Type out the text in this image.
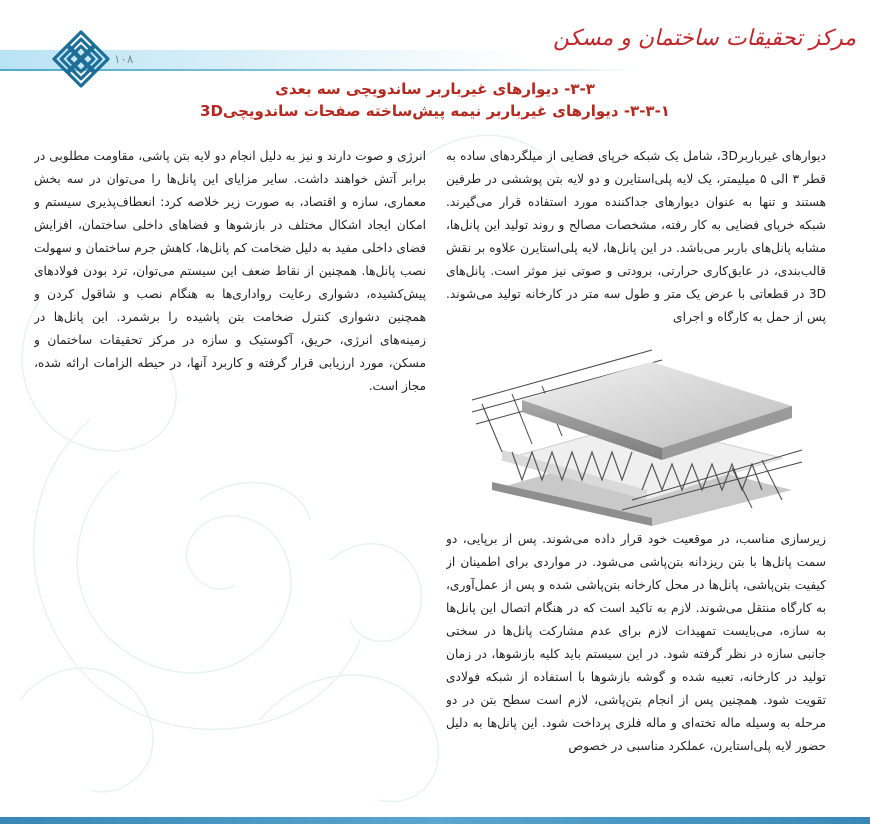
۱۰۸
مرکز تحقیقات ساختمان و مسکن
۳-۳- دیوارهای غیرباربر ساندویچی سه بعدی
۳-۳-۱- دیوارهای غیرباربر نیمه پیش‌ساخته صفحات ساندویچی3D

دیوارهای غیرباربر3D، شامل یک شبکه خرپای فضایی از میلگردهای ساده به قطر ۳ الی ۵ میلیمتر، یک لایه پلی‌استایرن و دو لایه بتن پوششی در طرفین هستند و تنها به عنوان دیوارهای جداکننده مورد استفاده قرار می‌گیرند. شبکه خرپای فضایی به کار رفته، مشخصات مصالح و روند تولید این پانل‌ها، مشابه پانل‌های باربر می‌باشد. در این پانل‌ها، لایه پلی‌استایرن علاوه بر نقش قالب‌بندی، در عایق‌کاری حرارتی، برودتی و صوتی نیز موثر است. پانل‌های 3D در قطعاتی با عرض یک متر و طول سه متر در کارخانه تولید می‌شوند. پس از حمل به کارگاه و اجرای

انرژی و صوت دارند و نیز به دلیل انجام دو لایه بتن پاشی، مقاومت مطلوبی در برابر آتش خواهند داشت. سایر مزایای این پانل‌ها را می‌توان در سه بخش معماری، سازه و اقتصاد، به صورت زیر خلاصه کرد: انعطاف‌پذیری سیستم و امکان ایجاد اشکال مختلف در بازشوها و فضاهای داخلی ساختمان، افزایش فضای داخلی مفید به دلیل ضخامت کم پانل‌ها، کاهش جرم ساختمان و سهولت نصب پانل‌ها. همچنین از نقاط ضعف این سیستم می‌توان، ترد بودن فولادهای پیش‌کشیده، دشواری رعایت رواداری‌ها به هنگام نصب و شاقول کردن و همچنین دشواری کنترل ضخامت بتن پاشیده را برشمرد. این پانل‌ها در زمینه‌های انرژی، حریق، آکوستیک و سازه در مرکز تحقیقات ساختمان و مسکن، مورد ارزیابی قرار گرفته و کاربرد آنها، در حیطه الزامات ارائه شده، مجاز است.

زیرسازی مناسب، در موقعیت خود قرار داده می‌شوند. پس از برپایی، دو سمت پانل‌ها با بتن ریزدانه بتن‌پاشی می‌شود. در مواردی برای اطمینان از کیفیت بتن‌پاشی، پانل‌ها در محل کارخانه بتن‌پاشی شده و پس از عمل‌آوری، به کارگاه منتقل می‌شوند. لازم به تاکید است که در هنگام اتصال این پانل‌ها به سازه، می‌بایست تمهیدات لازم برای عدم مشارکت پانل‌ها در سختی جانبی سازه در نظر گرفته شود. در این سیستم باید کلیه بازشوها، در زمان تولید در کارخانه، تعبیه شده و گوشه بازشوها با استفاده از شبکه فولادی تقویت شود. همچنین پس از انجام بتن‌پاشی، لازم است سطح بتن در دو مرحله به وسیله ماله تخته‌ای و ماله فلزی پرداخت شود. این پانل‌ها به دلیل حضور لایه پلی‌استایرن، عملکرد مناسبی در خصوص
